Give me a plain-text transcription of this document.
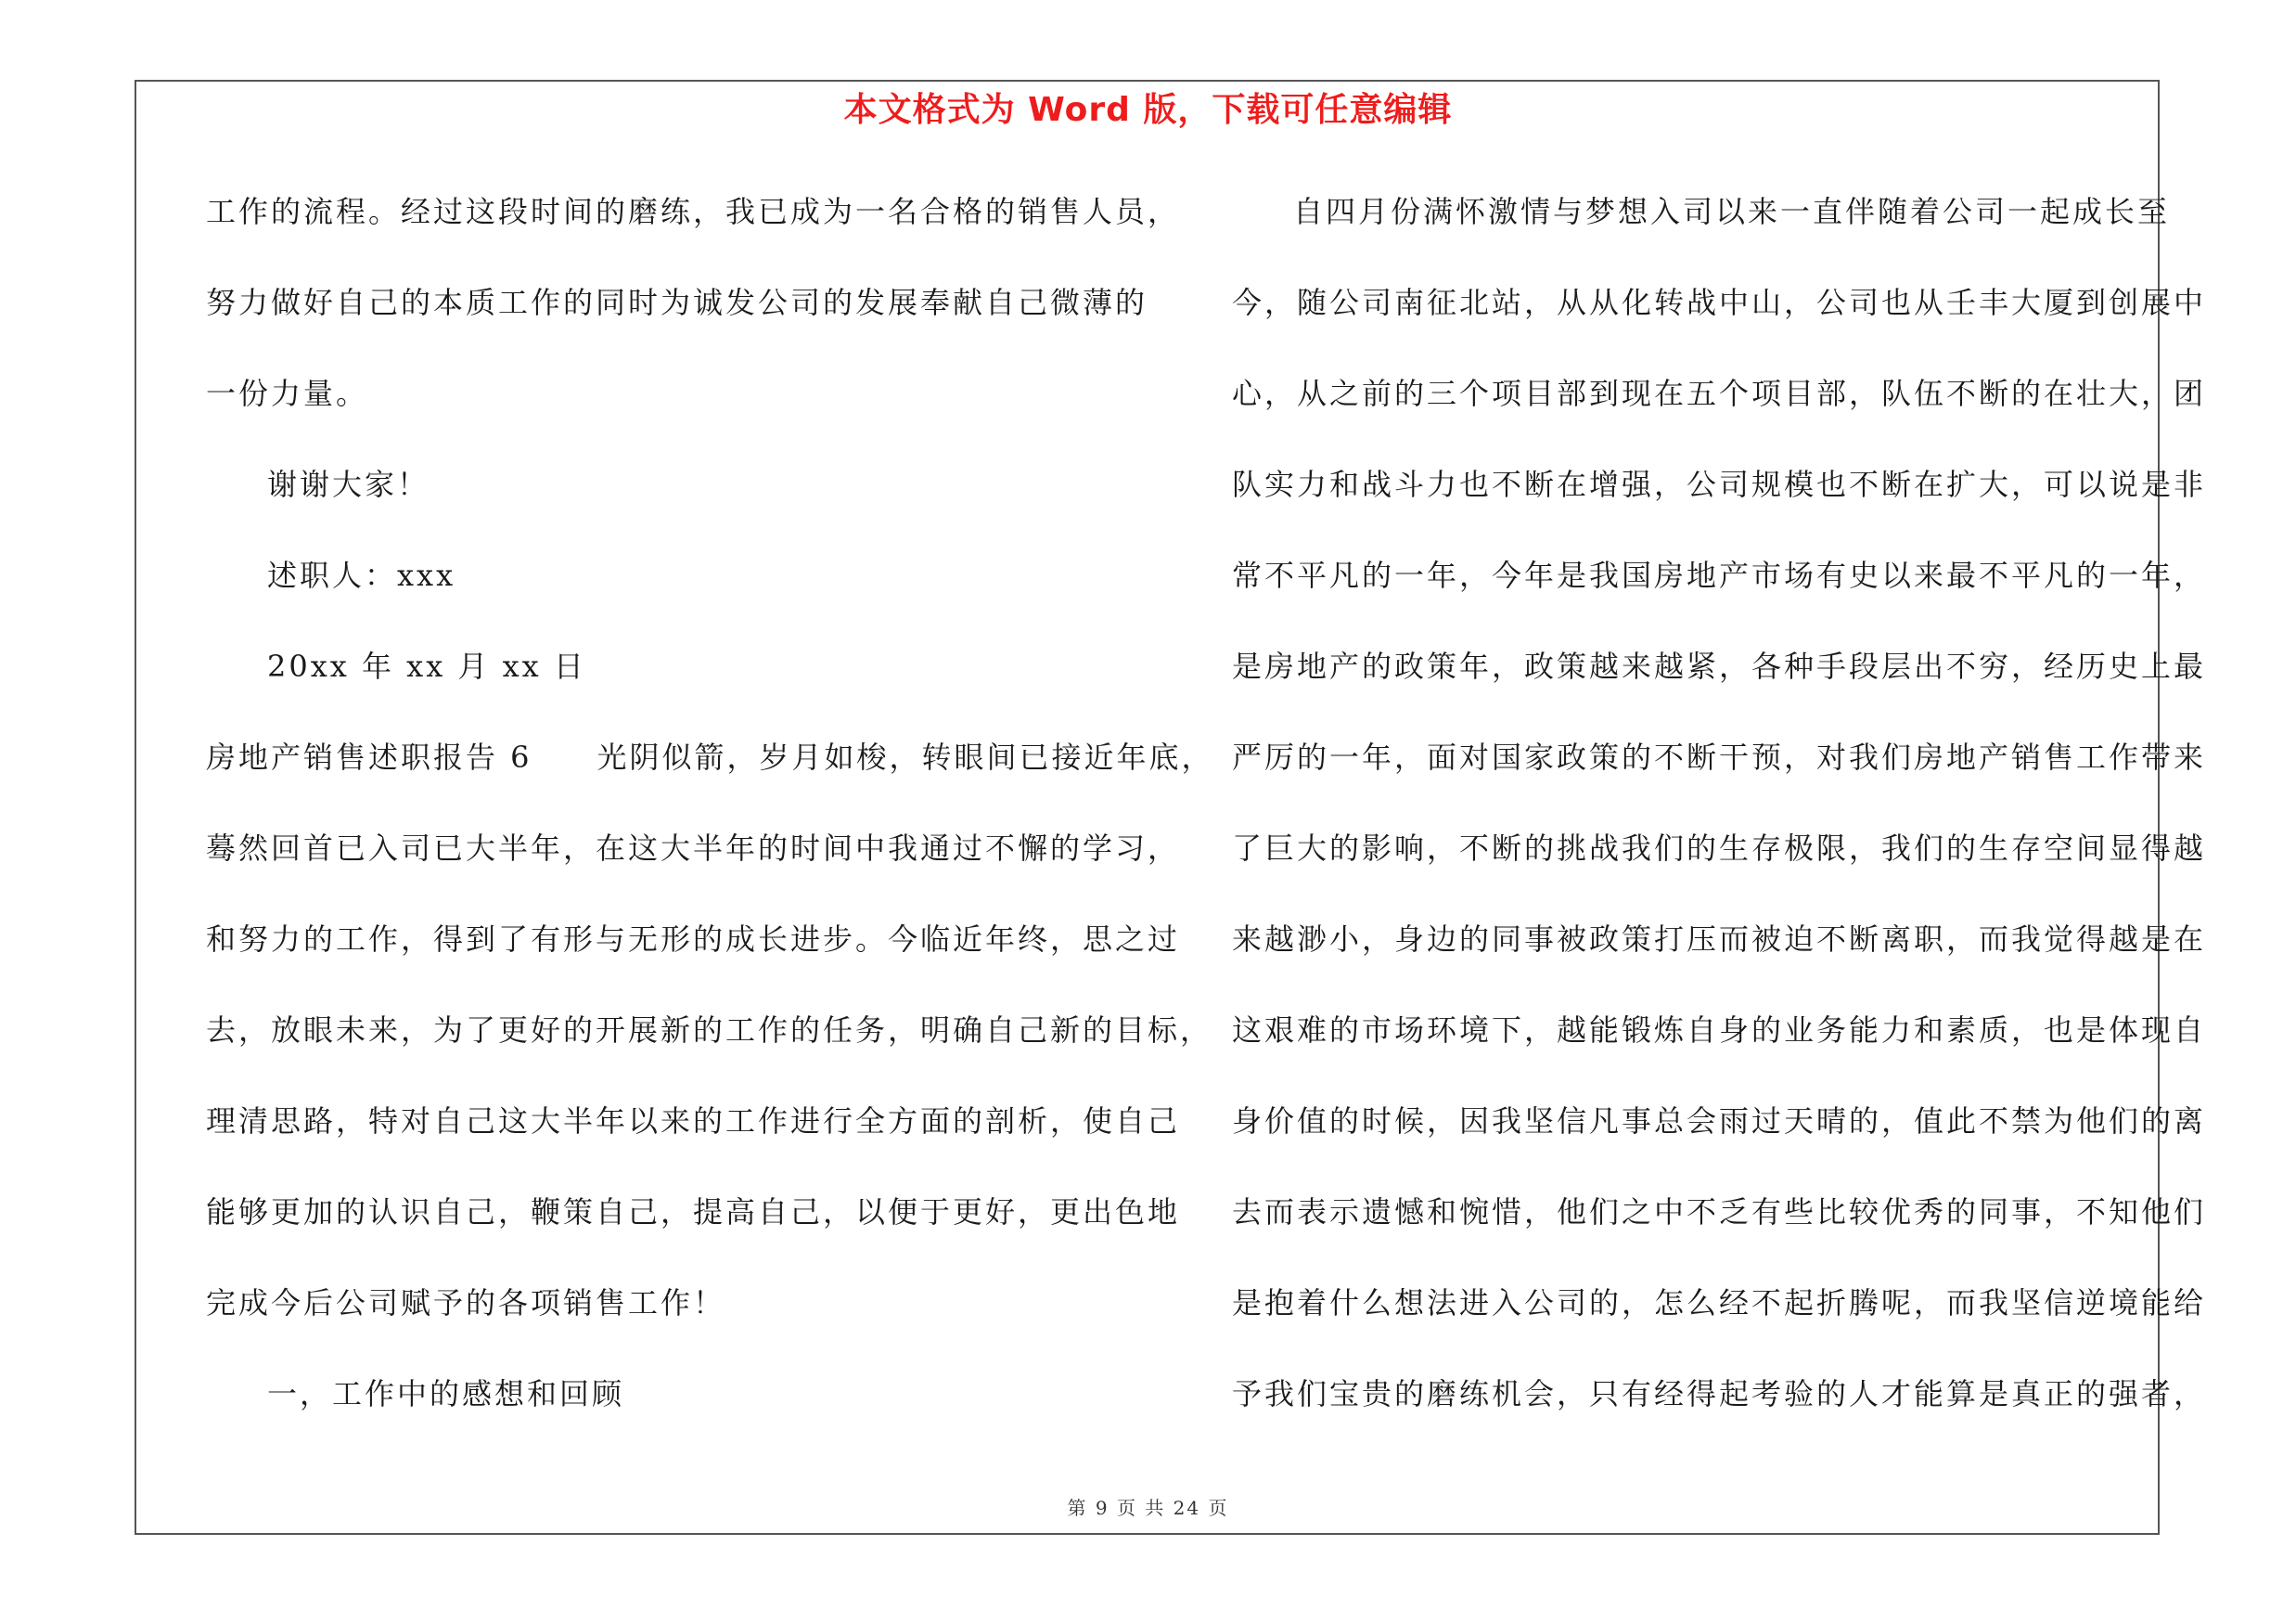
本文格式为 Word 版，下载可任意编辑
工作的流程。经过这段时间的磨练，我已成为一名合格的销售人员，
努力做好自己的本质工作的同时为诚发公司的发展奉献自己微薄的
一份力量。
谢谢大家！
述职人：xxx
20xx 年 xx 月 xx 日
房地产销售述职报告 6　　光阴似箭，岁月如梭，转眼间已接近年底，
蓦然回首已入司已大半年，在这大半年的时间中我通过不懈的学习，
和努力的工作，得到了有形与无形的成长进步。今临近年终，思之过
去，放眼未来，为了更好的开展新的工作的任务，明确自己新的目标，
理清思路，特对自己这大半年以来的工作进行全方面的剖析，使自己
能够更加的认识自己，鞭策自己，提高自己，以便于更好，更出色地
完成今后公司赋予的各项销售工作！
一，工作中的感想和回顾
自四月份满怀激情与梦想入司以来一直伴随着公司一起成长至
今，随公司南征北站，从从化转战中山，公司也从壬丰大厦到创展中
心，从之前的三个项目部到现在五个项目部，队伍不断的在壮大，团
队实力和战斗力也不断在增强，公司规模也不断在扩大，可以说是非
常不平凡的一年，今年是我国房地产市场有史以来最不平凡的一年，
是房地产的政策年，政策越来越紧，各种手段层出不穷，经历史上最
严厉的一年，面对国家政策的不断干预，对我们房地产销售工作带来
了巨大的影响，不断的挑战我们的生存极限，我们的生存空间显得越
来越渺小，身边的同事被政策打压而被迫不断离职，而我觉得越是在
这艰难的市场环境下，越能锻炼自身的业务能力和素质，也是体现自
身价值的时候，因我坚信凡事总会雨过天晴的，值此不禁为他们的离
去而表示遗憾和惋惜，他们之中不乏有些比较优秀的同事，不知他们
是抱着什么想法进入公司的，怎么经不起折腾呢，而我坚信逆境能给
予我们宝贵的磨练机会，只有经得起考验的人才能算是真正的强者，
第 9 页 共 24 页
